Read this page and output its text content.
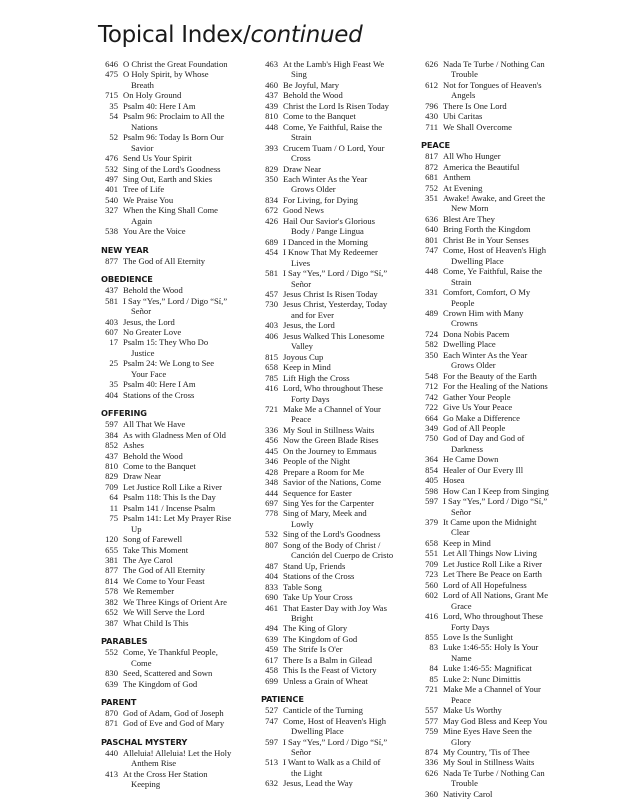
Topical Index/continued
646 O Christ the Great Foundation
475 O Holy Spirit, by Whose
Breath
715 On Holy Ground
35 Psalm 40: Here I Am
54 Psalm 96: Proclaim to All the
Nations
52 Psalm 96: Today Is Born Our
Savior
476 Send Us Your Spirit
532 Sing of the Lord's Goodness
497 Sing Out, Earth and Skies
401 Tree of Life
540 We Praise You
327 When the King Shall Come
Again
538 You Are the Voice
NEW YEAR
877 The God of All Eternity
OBEDIENCE
437 Behold the Wood
581 I Say “Yes,” Lord / Digo “Sí,”
Señor
403 Jesus, the Lord
607 No Greater Love
17 Psalm 15: They Who Do
Justice
25 Psalm 24: We Long to See
Your Face
35 Psalm 40: Here I Am
404 Stations of the Cross
OFFERING
597 All That We Have
384 As with Gladness Men of Old
852 Ashes
437 Behold the Wood
810 Come to the Banquet
829 Draw Near
709 Let Justice Roll Like a River
64 Psalm 118: This Is the Day
11 Psalm 141 / Incense Psalm
75 Psalm 141: Let My Prayer Rise
Up
120 Song of Farewell
655 Take This Moment
381 The Aye Carol
877 The God of All Eternity
814 We Come to Your Feast
578 We Remember
382 We Three Kings of Orient Are
652 We Will Serve the Lord
387 What Child Is This
PARABLES
552 Come, Ye Thankful People,
Come
830 Seed, Scattered and Sown
639 The Kingdom of God
PARENT
870 God of Adam, God of Joseph
871 God of Eve and God of Mary
PASCHAL MYSTERY
440 Alleluia! Alleluia! Let the Holy
Anthem Rise
413 At the Cross Her Station
Keeping
463 At the Lamb's High Feast We
Sing
460 Be Joyful, Mary
437 Behold the Wood
439 Christ the Lord Is Risen Today
810 Come to the Banquet
448 Come, Ye Faithful, Raise the
Strain
393 Crucem Tuam / O Lord, Your
Cross
829 Draw Near
350 Each Winter As the Year
Grows Older
834 For Living, for Dying
672 Good News
426 Hail Our Savior's Glorious
Body / Pange Lingua
689 I Danced in the Morning
454 I Know That My Redeemer
Lives
581 I Say “Yes,” Lord / Digo “Sí,”
Señor
457 Jesus Christ Is Risen Today
730 Jesus Christ, Yesterday, Today
and for Ever
403 Jesus, the Lord
406 Jesus Walked This Lonesome
Valley
815 Joyous Cup
658 Keep in Mind
785 Lift High the Cross
416 Lord, Who throughout These
Forty Days
721 Make Me a Channel of Your
Peace
336 My Soul in Stillness Waits
456 Now the Green Blade Rises
445 On the Journey to Emmaus
346 People of the Night
428 Prepare a Room for Me
348 Savior of the Nations, Come
444 Sequence for Easter
697 Sing Yes for the Carpenter
778 Sing of Mary, Meek and
Lowly
532 Sing of the Lord's Goodness
807 Song of the Body of Christ /
Canción del Cuerpo de Cristo
487 Stand Up, Friends
404 Stations of the Cross
833 Table Song
690 Take Up Your Cross
461 That Easter Day with Joy Was
Bright
494 The King of Glory
639 The Kingdom of God
459 The Strife Is O'er
617 There Is a Balm in Gilead
458 This Is the Feast of Victory
699 Unless a Grain of Wheat
PATIENCE
527 Canticle of the Turning
747 Come, Host of Heaven's High
Dwelling Place
597 I Say “Yes,” Lord / Digo “Sí,”
Señor
513 I Want to Walk as a Child of
the Light
632 Jesus, Lead the Way
626 Nada Te Turbe / Nothing Can
Trouble
612 Not for Tongues of Heaven's
Angels
796 There Is One Lord
430 Ubi Caritas
711 We Shall Overcome
PEACE
817 All Who Hunger
872 America the Beautiful
681 Anthem
752 At Evening
351 Awake! Awake, and Greet the
New Morn
636 Blest Are They
640 Bring Forth the Kingdom
801 Christ Be in Your Senses
747 Come, Host of Heaven's High
Dwelling Place
448 Come, Ye Faithful, Raise the
Strain
331 Comfort, Comfort, O My
People
489 Crown Him with Many
Crowns
724 Dona Nobis Pacem
582 Dwelling Place
350 Each Winter As the Year
Grows Older
548 For the Beauty of the Earth
712 For the Healing of the Nations
742 Gather Your People
722 Give Us Your Peace
664 Go Make a Difference
349 God of All People
750 God of Day and God of
Darkness
364 He Came Down
854 Healer of Our Every Ill
405 Hosea
598 How Can I Keep from Singing
597 I Say “Yes,” Lord / Digo “Sí,”
Señor
379 It Came upon the Midnight
Clear
658 Keep in Mind
551 Let All Things Now Living
709 Let Justice Roll Like a River
723 Let There Be Peace on Earth
560 Lord of All Hopefulness
602 Lord of All Nations, Grant Me
Grace
416 Lord, Who throughout These
Forty Days
855 Love Is the Sunlight
83 Luke 1:46-55: Holy Is Your
Name
84 Luke 1:46-55: Magnificat
85 Luke 2: Nunc Dimittis
721 Make Me a Channel of Your
Peace
557 Make Us Worthy
577 May God Bless and Keep You
759 Mine Eyes Have Seen the
Glory
874 My Country, 'Tis of Thee
336 My Soul in Stillness Waits
626 Nada Te Turbe / Nothing Can
Trouble
360 Nativity Carol
